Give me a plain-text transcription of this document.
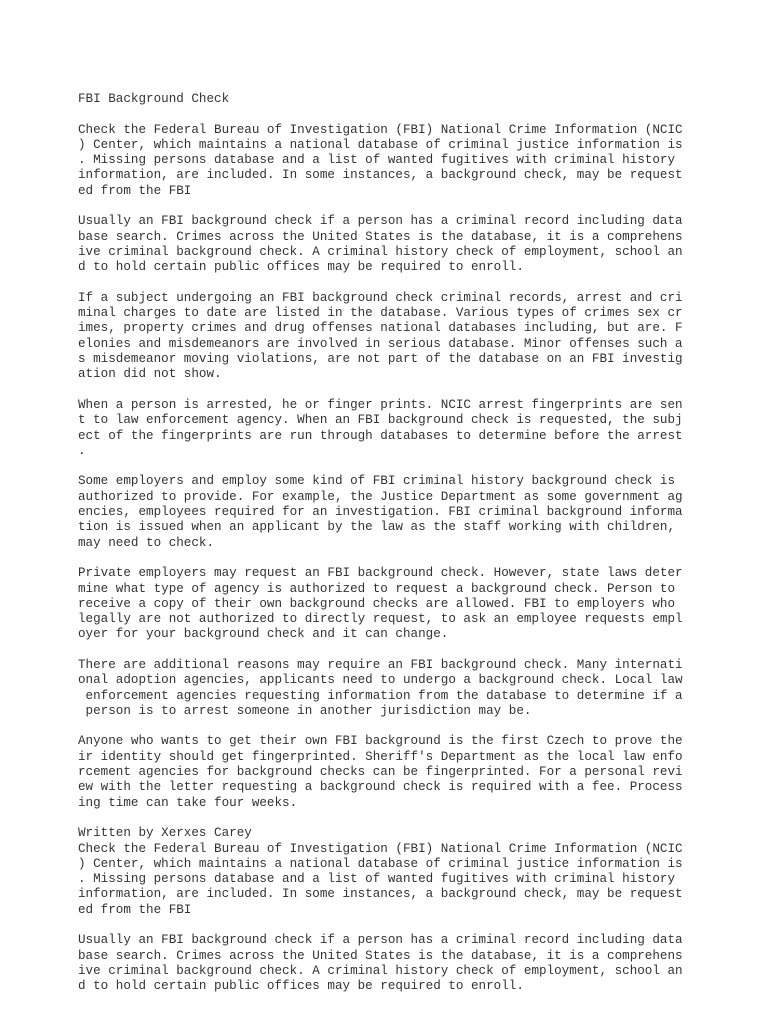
FBI Background Check
Check the Federal Bureau of Investigation (FBI) National Crime Information (NCIC
) Center, which maintains a national database of criminal justice information is
. Missing persons database and a list of wanted fugitives with criminal history
information, are included. In some instances, a background check, may be request
ed from the FBI
Usually an FBI background check if a person has a criminal record including data
base search. Crimes across the United States is the database, it is a comprehens
ive criminal background check. A criminal history check of employment, school an
d to hold certain public offices may be required to enroll.
If a subject undergoing an FBI background check criminal records, arrest and cri
minal charges to date are listed in the database. Various types of crimes sex cr
imes, property crimes and drug offenses national databases including, but are. F
elonies and misdemeanors are involved in serious database. Minor offenses such a
s misdemeanor moving violations, are not part of the database on an FBI investig
ation did not show.
When a person is arrested, he or finger prints. NCIC arrest fingerprints are sen
t to law enforcement agency. When an FBI background check is requested, the subj
ect of the fingerprints are run through databases to determine before the arrest
.
Some employers and employ some kind of FBI criminal history background check is
authorized to provide. For example, the Justice Department as some government ag
encies, employees required for an investigation. FBI criminal background informa
tion is issued when an applicant by the law as the staff working with children,
may need to check.
Private employers may request an FBI background check. However, state laws deter
mine what type of agency is authorized to request a background check. Person to
receive a copy of their own background checks are allowed. FBI to employers who
legally are not authorized to directly request, to ask an employee requests empl
oyer for your background check and it can change.
There are additional reasons may require an FBI background check. Many internati
onal adoption agencies, applicants need to undergo a background check. Local law
enforcement agencies requesting information from the database to determine if a
person is to arrest someone in another jurisdiction may be.
Anyone who wants to get their own FBI background is the first Czech to prove the
ir identity should get fingerprinted. Sheriff's Department as the local law enfo
rcement agencies for background checks can be fingerprinted. For a personal revi
ew with the letter requesting a background check is required with a fee. Process
ing time can take four weeks.
Written by Xerxes Carey
Check the Federal Bureau of Investigation (FBI) National Crime Information (NCIC
) Center, which maintains a national database of criminal justice information is
. Missing persons database and a list of wanted fugitives with criminal history
information, are included. In some instances, a background check, may be request
ed from the FBI
Usually an FBI background check if a person has a criminal record including data
base search. Crimes across the United States is the database, it is a comprehens
ive criminal background check. A criminal history check of employment, school an
d to hold certain public offices may be required to enroll.
